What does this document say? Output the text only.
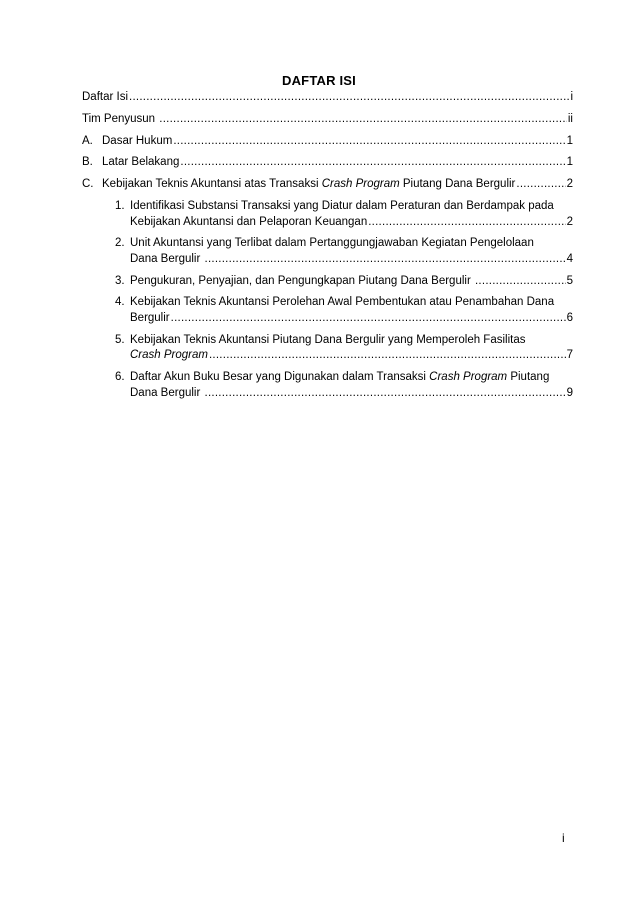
DAFTAR ISI
Daftar Isi .....	i
Tim Penyusun .....	ii
A. Dasar Hukum .....	1
B. Latar Belakang .....	1
C. Kebijakan Teknis Akuntansi atas Transaksi Crash Program Piutang Dana Bergulir .....	2
1. Identifikasi Substansi Transaksi yang Diatur dalam Peraturan dan Berdampak pada
Kebijakan Akuntansi dan Pelaporan Keuangan .....	2
2. Unit Akuntansi yang Terlibat dalam Pertanggungjawaban Kegiatan Pengelolaan
Dana Bergulir .....	4
3. Pengukuran, Penyajian, dan Pengungkapan Piutang Dana Bergulir .....	5
4. Kebijakan Teknis Akuntansi Perolehan Awal Pembentukan atau Penambahan Dana
Bergulir .....	6
5. Kebijakan Teknis Akuntansi Piutang Dana Bergulir yang Memperoleh Fasilitas
Crash Program .....	7
6. Daftar Akun Buku Besar yang Digunakan dalam Transaksi Crash Program Piutang
Dana Bergulir .....	9
i
